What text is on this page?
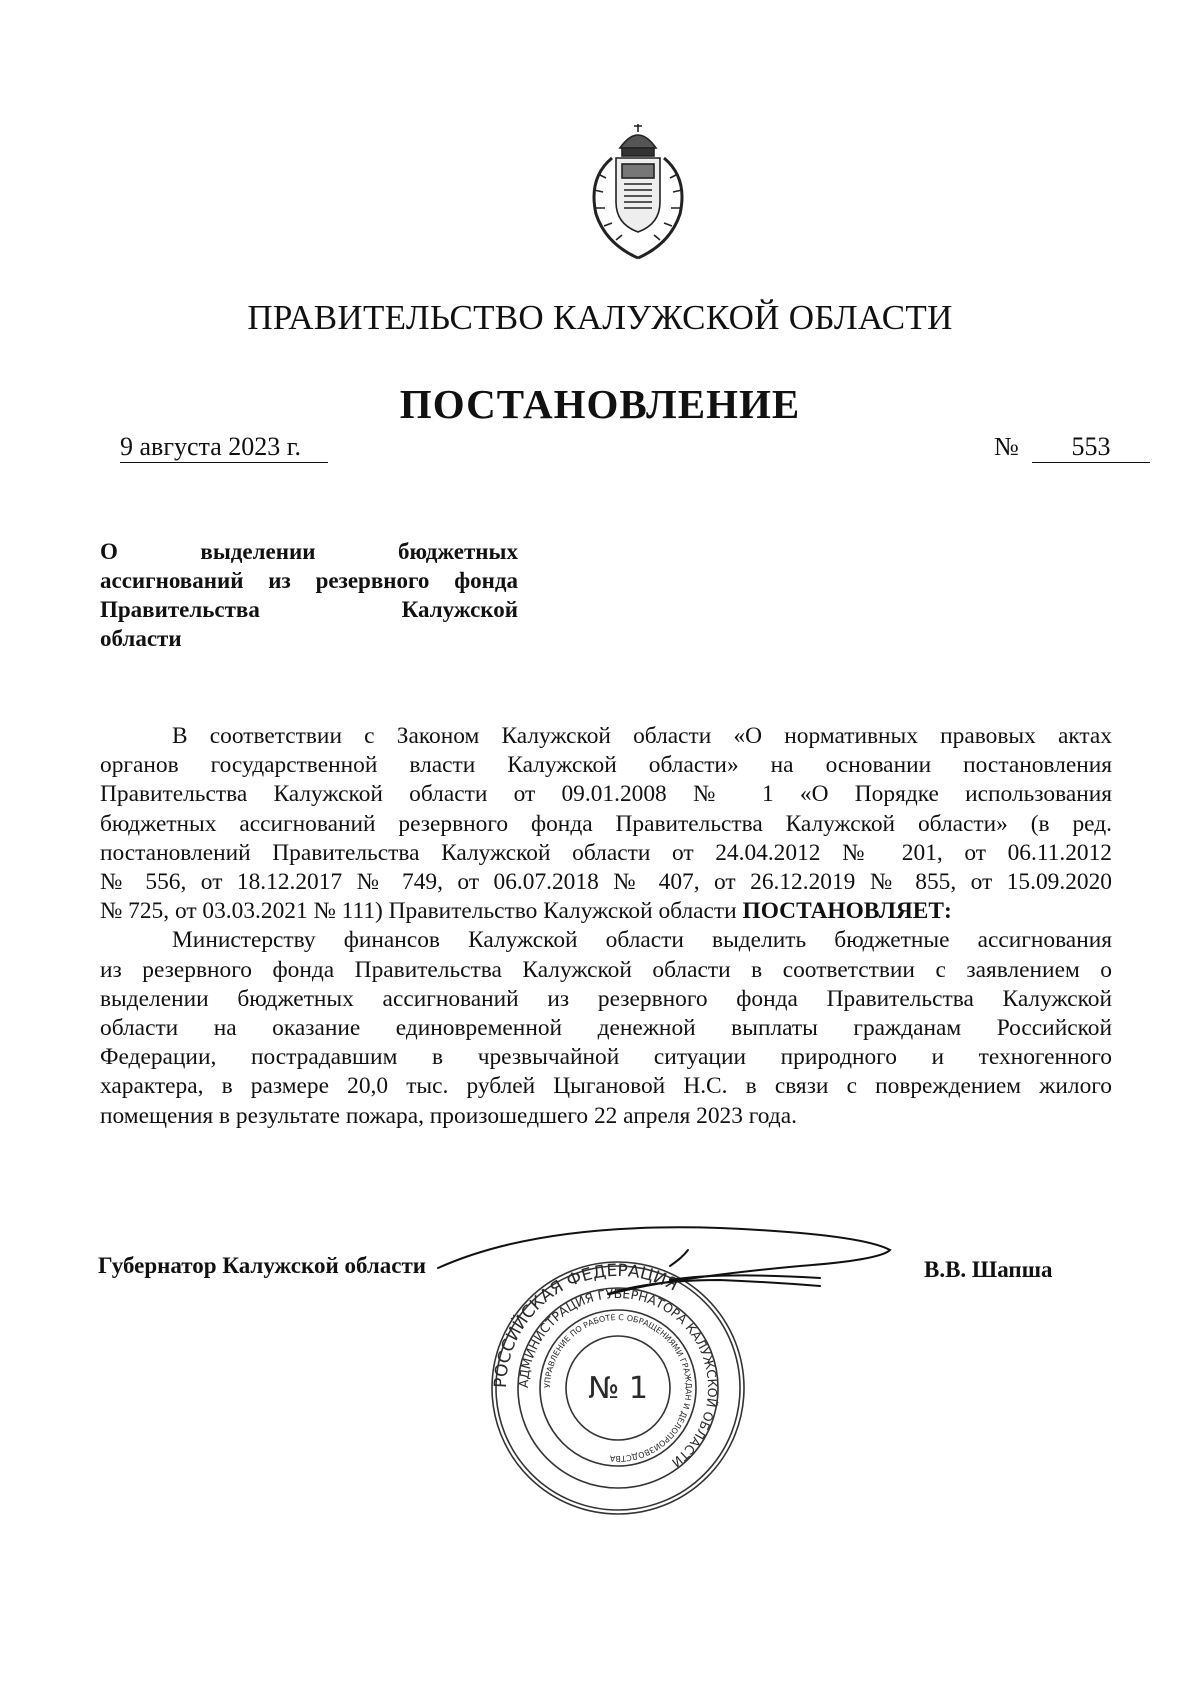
ПРАВИТЕЛЬСТВО КАЛУЖСКОЙ ОБЛАСТИ
ПОСТАНОВЛЕНИЕ
9 августа 2023 г.	№	553
О выделении бюджетных
ассигнований из резервного фонда
Правительства Калужской
области
В соответствии с Законом Калужской области «О нормативных правовых актах
органов государственной власти Калужской области» на основании постановления
Правительства Калужской области от 09.01.2008 № 1 «О Порядке использования
бюджетных ассигнований резервного фонда Правительства Калужской области» (в ред.
постановлений Правительства Калужской области от 24.04.2012 № 201, от 06.11.2012
№ 556, от 18.12.2017 № 749, от 06.07.2018 № 407, от 26.12.2019 № 855, от 15.09.2020
№ 725, от 03.03.2021 № 111) Правительство Калужской области ПОСТАНОВЛЯЕТ:
Министерству финансов Калужской области выделить бюджетные ассигнования
из резервного фонда Правительства Калужской области в соответствии с заявлением о
выделении бюджетных ассигнований из резервного фонда Правительства Калужской
области на оказание единовременной денежной выплаты гражданам Российской
Федерации, пострадавшим в чрезвычайной ситуации природного и техногенного
характера, в размере 20,0 тыс. рублей Цыгановой Н.С. в связи с повреждением жилого
помещения в результате пожара, произошедшего 22 апреля 2023 года.
Губернатор Калужской области	В.В. Шапша
РОССИЙСКАЯ ФЕДЕРАЦИЯ
АДМИНИСТРАЦИЯ ГУБЕРНАТОРА КАЛУЖСКОЙ ОБЛАСТИ
УПРАВЛЕНИЕ ПО РАБОТЕ С ОБРАЩЕНИЯМИ ГРАЖДАН И ДЕЛОПРОИЗВОДСТВА
№ 1
